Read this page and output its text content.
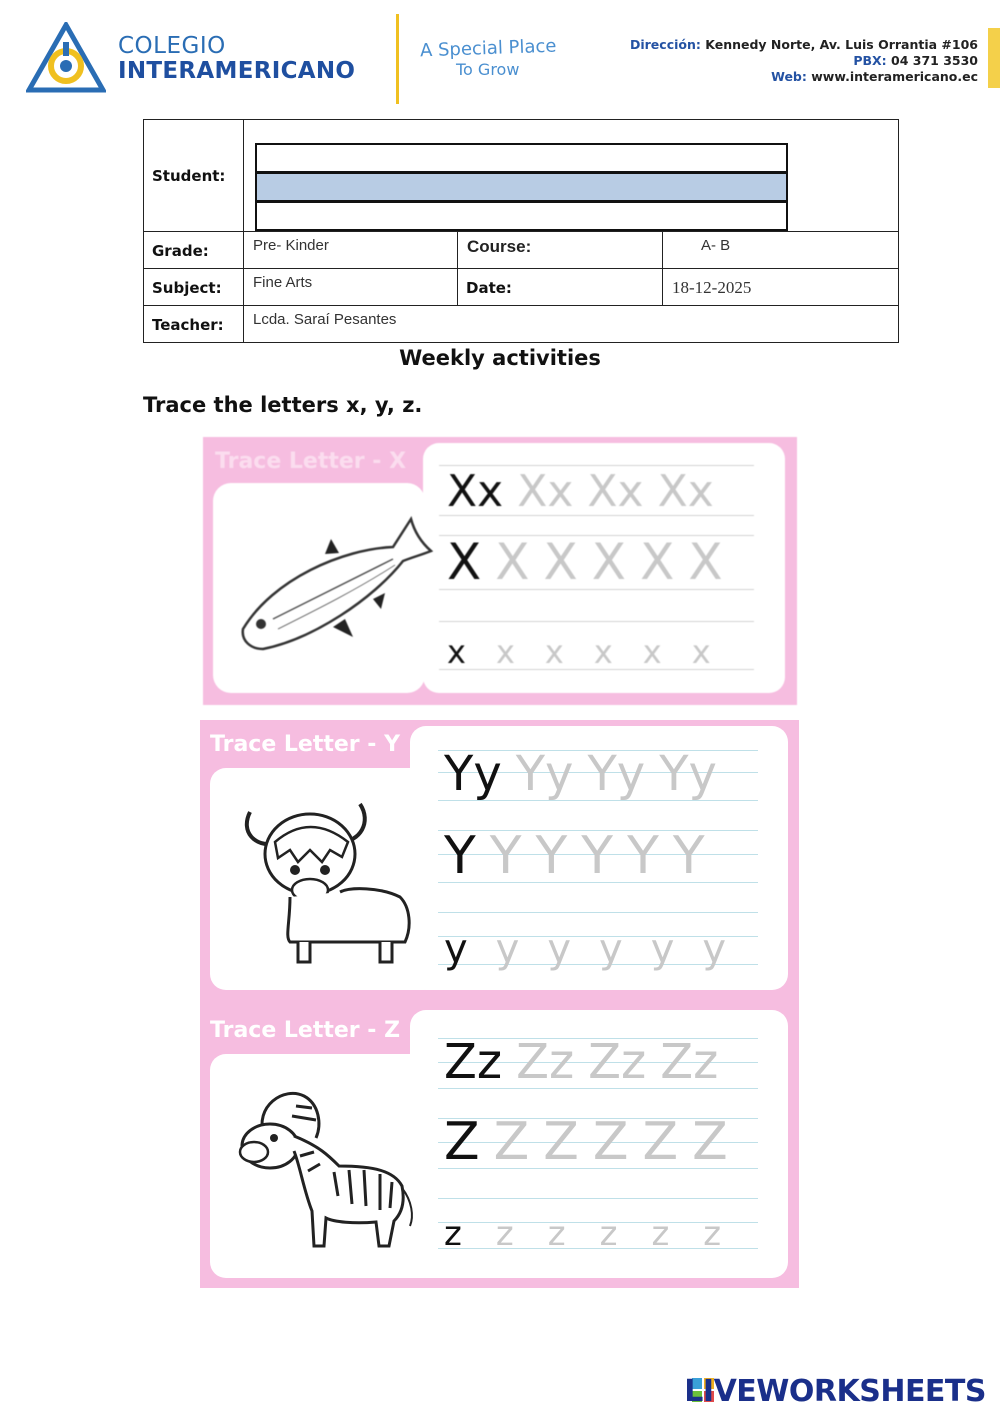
COLEGIO
INTERAMERICANO
A Special Place
To Grow
Dirección: Kennedy Norte, Av. Luis Orrantia #106
PBX: 04 371 3530
Web: www.interamericano.ec
Student:			

Grade:	Pre- Kinder	Course:	A- B
Subject:	Fine Arts	Date:	18-12-2025
Teacher:	Lcda. Saraí Pesantes		
Weekly activities
Trace the letters x, y, z.
Trace Letter - X
Xx Xx Xx Xx
X X X X X X
x x x x x x
Trace Letter - Y
Yy Yy Yy Yy
Y Y Y Y Y Y
y y y y y y
Trace Letter - Z
Zz Zz Zz Zz
Z Z Z Z Z Z
z z z z z z
LIVEWORKSHEETS
